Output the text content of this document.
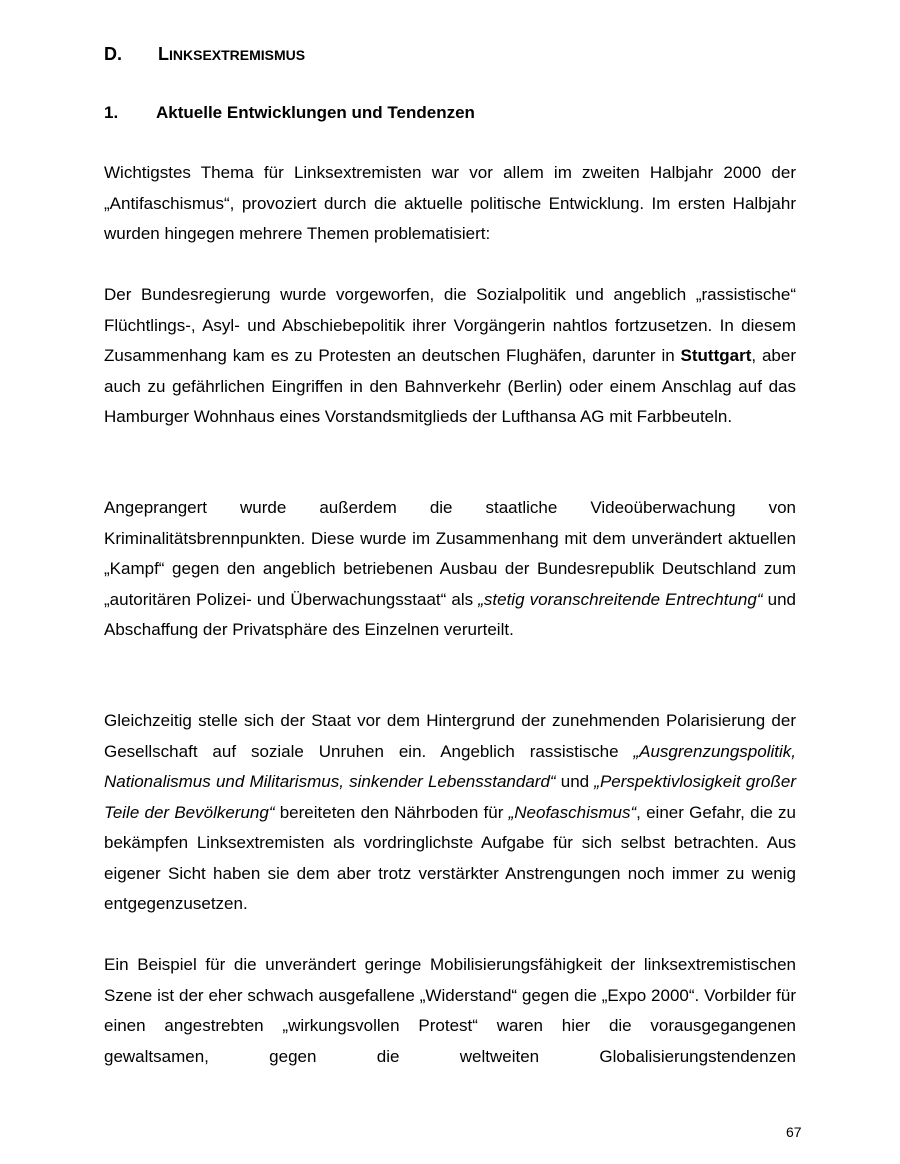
D. LINKSEXTREMISMUS
1. Aktuelle Entwicklungen und Tendenzen

Wichtigstes Thema für Linksextremisten war vor allem im zweiten Halbjahr 2000 der „Antifaschismus“, provoziert durch die aktuelle politische Entwicklung. Im ersten Halbjahr wurden hingegen mehrere Themen problematisiert:

Der Bundesregierung wurde vorgeworfen, die Sozialpolitik und angeblich „rassistische“ Flüchtlings-, Asyl- und Abschiebepolitik ihrer Vorgängerin nahtlos fortzusetzen. In diesem Zusammenhang kam es zu Protesten an deutschen Flughäfen, darunter in Stuttgart, aber auch zu gefährlichen Eingriffen in den Bahnverkehr (Berlin) oder einem Anschlag auf das Hamburger Wohnhaus eines Vorstandsmitglieds der Lufthansa AG mit Farbbeuteln.

Angeprangert wurde außerdem die staatliche Videoüberwachung von Kriminalitätsbrennpunkten. Diese wurde im Zusammenhang mit dem unverändert aktuellen „Kampf“ gegen den angeblich betriebenen Ausbau der Bundesrepublik Deutschland zum „autoritären Polizei- und Überwachungsstaat“ als „stetig voranschreitende Entrechtung“ und Abschaffung der Privatsphäre des Einzelnen verurteilt.

Gleichzeitig stelle sich der Staat vor dem Hintergrund der zunehmenden Polarisierung der Gesellschaft auf soziale Unruhen ein. Angeblich rassistische „Ausgrenzungspolitik, Nationalismus und Militarismus, sinkender Lebensstandard“ und „Perspektivlosigkeit großer Teile der Bevölkerung“ bereiteten den Nährboden für „Neofaschismus“, einer Gefahr, die zu bekämpfen Linksextremisten als vordringlichste Aufgabe für sich selbst betrachten. Aus eigener Sicht haben sie dem aber trotz verstärkter Anstrengungen noch immer zu wenig entgegenzusetzen.

Ein Beispiel für die unverändert geringe Mobilisierungsfähigkeit der linksextremistischen Szene ist der eher schwach ausgefallene „Widerstand“ gegen die „Expo 2000“. Vorbilder für einen angestrebten „wirkungsvollen Protest“ waren hier die vorausgegangenen gewaltsamen, gegen die weltweiten Globalisierungstendenzen

67
